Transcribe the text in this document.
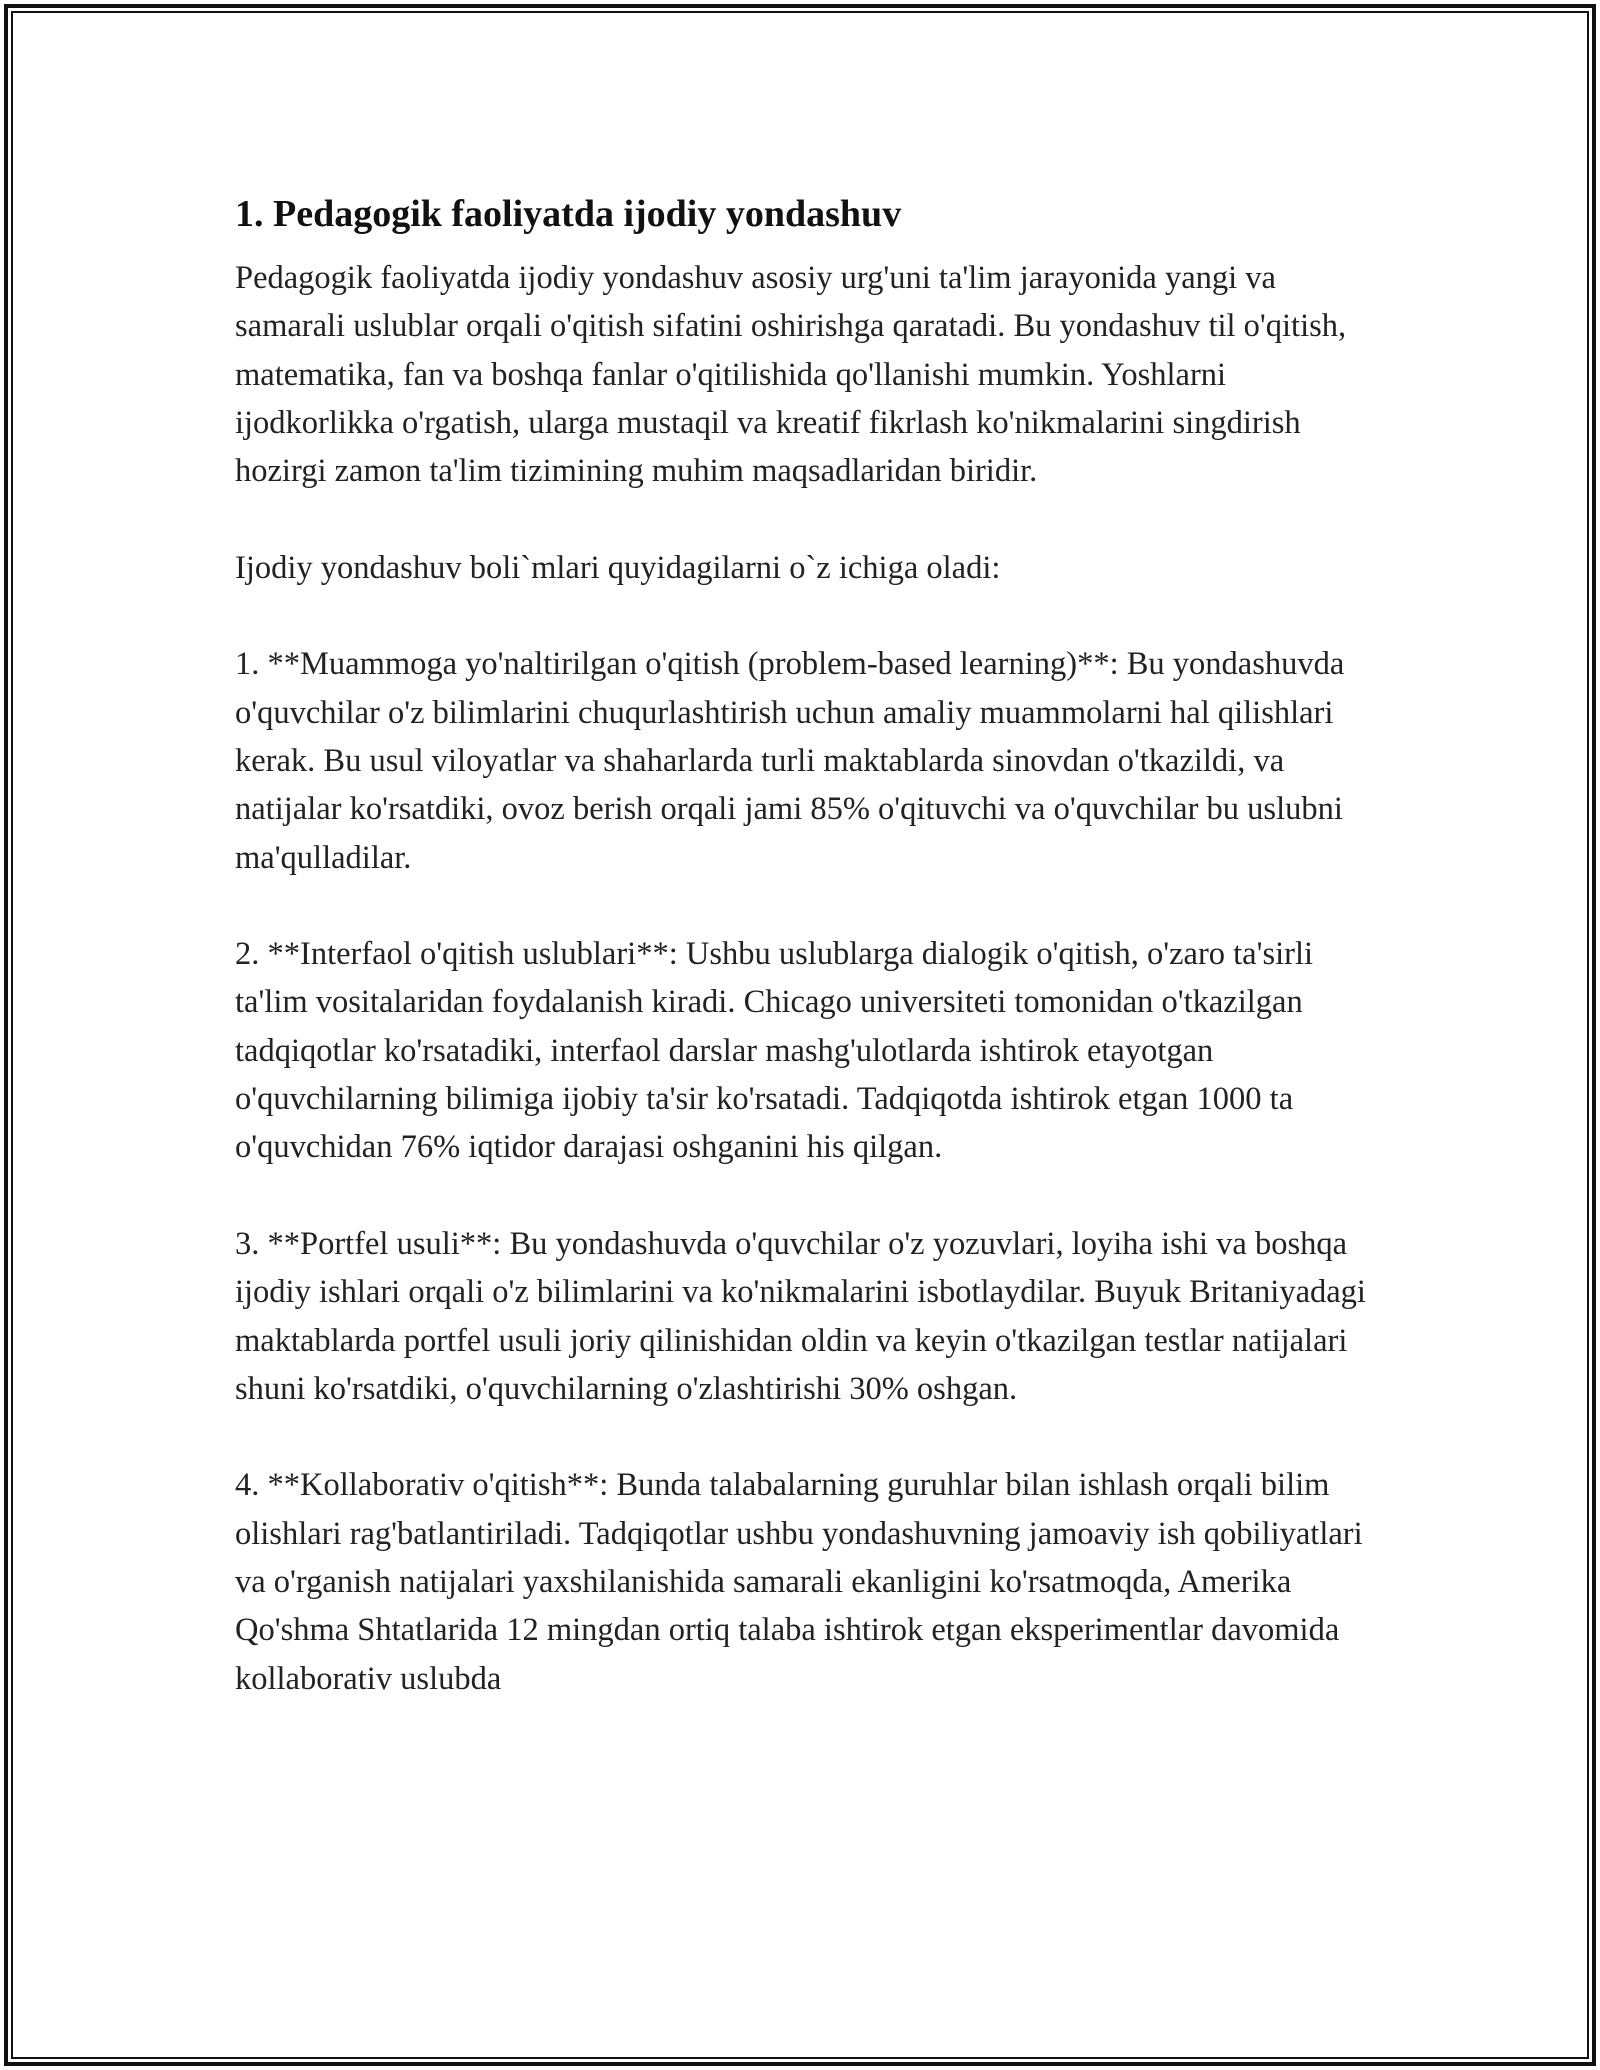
1. Pedagogik faoliyatda ijodiy yondashuv

Pedagogik faoliyatda ijodiy yondashuv asosiy urg'uni ta'lim jarayonida yangi va samarali uslublar orqali o'qitish sifatini oshirishga qaratadi. Bu yondashuv til o'qitish, matematika, fan va boshqa fanlar o'qitilishida qo'llanishi mumkin. Yoshlarni ijodkorlikka o'rgatish, ularga mustaqil va kreatif fikrlash ko'nikmalarini singdirish hozirgi zamon ta'lim tizimining muhim maqsadlaridan biridir.

Ijodiy yondashuv boli`mlari quyidagilarni o`z ichiga oladi:

1. **Muammoga yo'naltirilgan o'qitish (problem-based learning)**: Bu yondashuvda o'quvchilar o'z bilimlarini chuqurlashtirish uchun amaliy muammolarni hal qilishlari kerak. Bu usul viloyatlar va shaharlarda turli maktablarda sinovdan o'tkazildi, va natijalar ko'rsatdiki, ovoz berish orqali jami 85% o'qituvchi va o'quvchilar bu uslubni ma'qulladilar.

2. **Interfaol o'qitish uslublari**: Ushbu uslublarga dialogik o'qitish, o'zaro ta'sirli ta'lim vositalaridan foydalanish kiradi. Chicago universiteti tomonidan o'tkazilgan tadqiqotlar ko'rsatadiki, interfaol darslar mashg'ulotlarda ishtirok etayotgan o'quvchilarning bilimiga ijobiy ta'sir ko'rsatadi. Tadqiqotda ishtirok etgan 1000 ta o'quvchidan 76% iqtidor darajasi oshganini his qilgan.

3. **Portfel usuli**: Bu yondashuvda o'quvchilar o'z yozuvlari, loyiha ishi va boshqa ijodiy ishlari orqali o'z bilimlarini va ko'nikmalarini isbotlaydilar. Buyuk Britaniyadagi maktablarda portfel usuli joriy qilinishidan oldin va keyin o'tkazilgan testlar natijalari shuni ko'rsatdiki, o'quvchilarning o'zlashtirishi 30% oshgan.

4. **Kollaborativ o'qitish**: Bunda talabalarning guruhlar bilan ishlash orqali bilim olishlari rag'batlantiriladi. Tadqiqotlar ushbu yondashuvning jamoaviy ish qobiliyatlari va o'rganish natijalari yaxshilanishida samarali ekanligini ko'rsatmoqda, Amerika Qo'shma Shtatlarida 12 mingdan ortiq talaba ishtirok etgan eksperimentlar davomida kollaborativ uslubda
